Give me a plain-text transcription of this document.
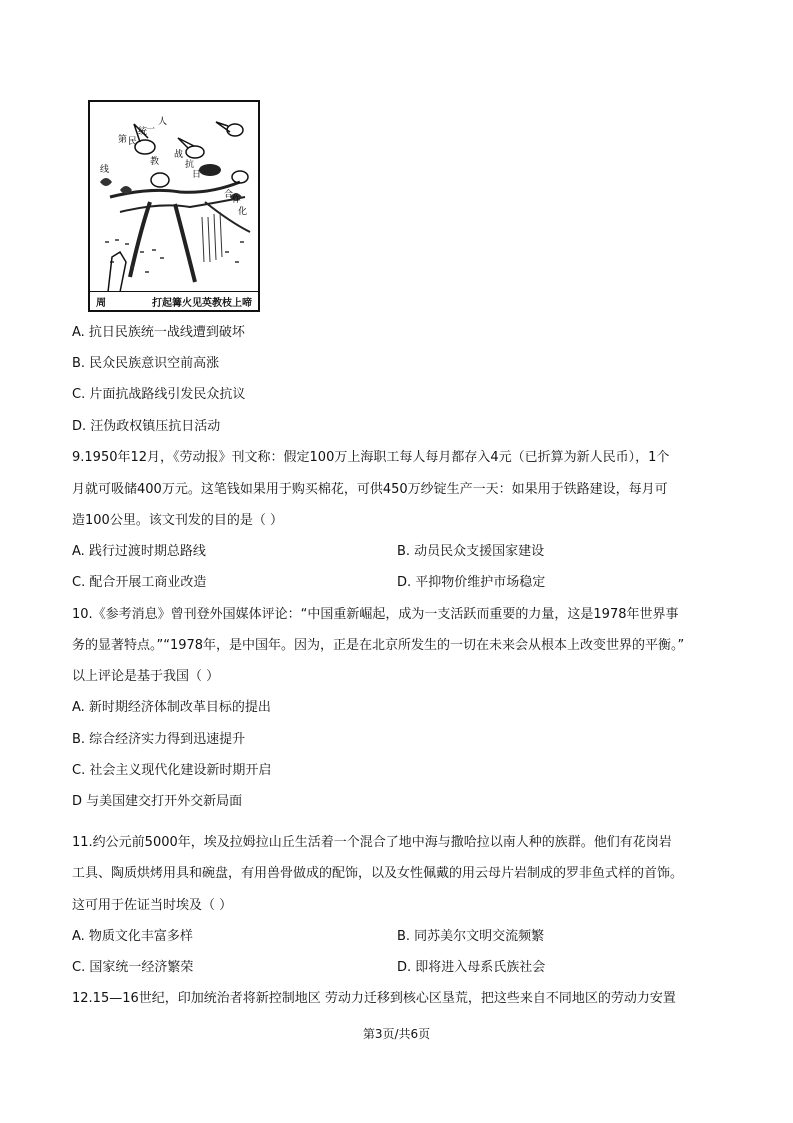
第 民
线	抗
日
人
教
统
一
战
合
作
化
周	打起篝火见英教枝上啼
A. 抗日民族统一战线遭到破坏
B. 民众民族意识空前高涨
C. 片面抗战路线引发民众抗议
D. 汪伪政权镇压抗日活动
9.1950年12月，《劳动报》刊文称：假定100万上海职工每人每月都存入4元（已折算为新人民币），1个
月就可吸储400万元。这笔钱如果用于购买棉花，可供450万纱锭生产一天：如果用于铁路建设，每月可
造100公里。该文刊发的目的是（ ）
A. 践行过渡时期总路线	B. 动员民众支援国家建设
C. 配合开展工商业改造	D. 平抑物价维护市场稳定
10.《参考消息》曾刊登外国媒体评论：“中国重新崛起，成为一支活跃而重要的力量，这是1978年世界事
务的显著特点。”“1978年，是中国年。因为，正是在北京所发生的一切在未来会从根本上改变世界的平衡。”
以上评论是基于我国（ ）
A. 新时期经济体制改革目标的提出
B. 综合经济实力得到迅速提升
C. 社会主义现代化建设新时期开启
D 与美国建交打开外交新局面
11.约公元前5000年，埃及拉姆拉山丘生活着一个混合了地中海与撒哈拉以南人种的族群。他们有花岗岩
工具、陶质烘烤用具和碗盘，有用兽骨做成的配饰，以及女性佩戴的用云母片岩制成的罗非鱼式样的首饰。
这可用于佐证当时埃及（ ）
A. 物质文化丰富多样	B. 同苏美尔文明交流频繁
C. 国家统一经济繁荣	D. 即将进入母系氏族社会
12.15—16世纪，印加统治者将新控制地区 劳动力迁移到核心区垦荒，把这些来自不同地区的劳动力安置
第3页/共6页
